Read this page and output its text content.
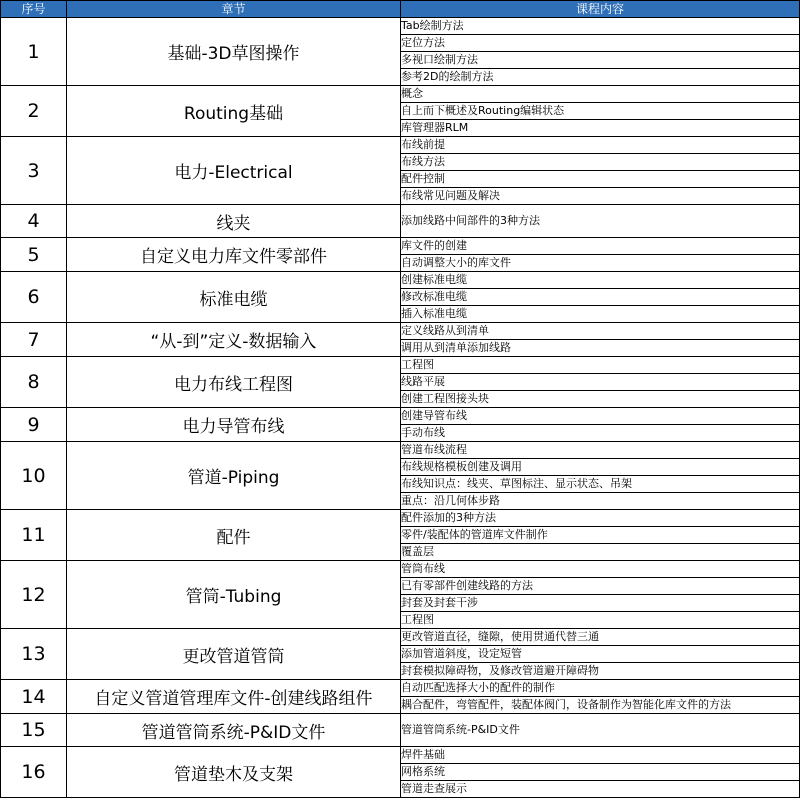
序号	章节	课程内容
1	基础-3D草图操作	Tab绘制方法
		定位方法
		多视口绘制方法
		参考2D的绘制方法
2	Routing基础	概念
		自上而下概述及Routing编辑状态
		库管理器RLM
3	电力-Electrical	布线前提
		布线方法
		配件控制
		布线常见问题及解决
4	线夹	添加线路中间部件的3种方法
5	自定义电力库文件零部件	库文件的创建
		自动调整大小的库文件
6	标准电缆	创建标准电缆
		修改标准电缆
		插入标准电缆
7	“从-到”定义-数据输入	定义线路从到清单
		调用从到清单添加线路
8	电力布线工程图	工程图
		线路平展
		创建工程图接头块
9	电力导管布线	创建导管布线
		手动布线
10	管道-Piping	管道布线流程
		布线规格模板创建及调用
		布线知识点：线夹、草图标注、显示状态、吊架
		重点：沿几何体步路
11	配件	配件添加的3种方法
		零件/装配体的管道库文件制作
		覆盖层
12	管筒-Tubing	管筒布线
		已有零部件创建线路的方法
		封套及封套干涉
		工程图
13	更改管道管筒	更改管道直径，缝隙，使用贯通代替三通
		添加管道斜度，设定短管
		封套模拟障碍物，及修改管道避开障碍物
14	自定义管道管理库文件-创建线路组件	自动匹配选择大小的配件的制作
		耦合配件，弯管配件，装配体阀门，设备制作为智能化库文件的方法
15	管道管筒系统-P&ID文件	管道管筒系统-P&ID文件
16	管道垫木及支架	焊件基础
		网格系统
		管道走查展示
